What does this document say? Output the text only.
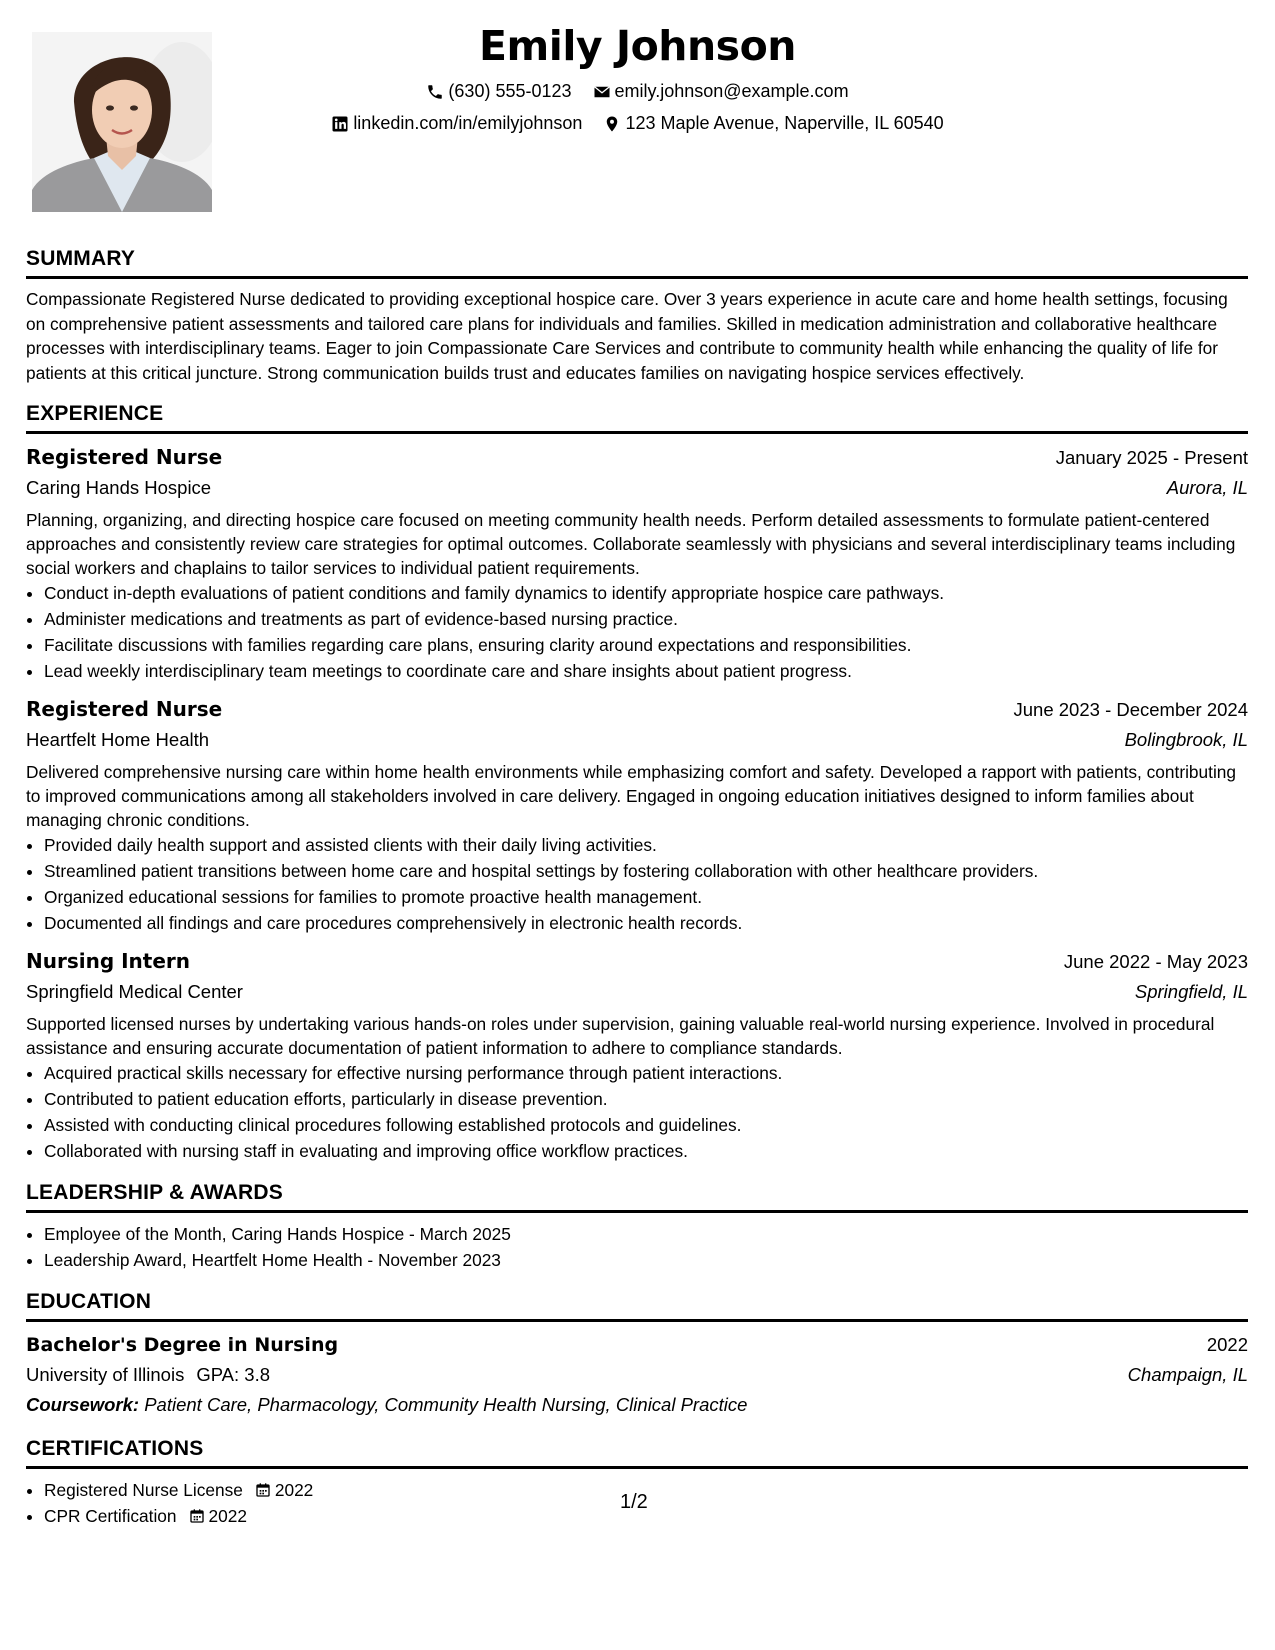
Emily Johnson
(630) 555-0123
emily.johnson@example.com
linkedin.com/in/emilyjohnson
123 Maple Avenue, Naperville, IL 60540
SUMMARY

Compassionate Registered Nurse dedicated to providing exceptional hospice care. Over 3 years experience in acute care and home health settings, focusing on comprehensive patient assessments and tailored care plans for individuals and families. Skilled in medication administration and collaborative healthcare processes with interdisciplinary teams. Eager to join Compassionate Care Services and contribute to community health while enhancing the quality of life for patients at this critical juncture. Strong communication builds trust and educates families on navigating hospice services effectively.

EXPERIENCE
Registered Nurse	January 2025 - Present
Caring Hands Hospice	Aurora, IL
Planning, organizing, and directing hospice care focused on meeting community health needs. Perform detailed assessments to formulate patient-centered approaches and consistently review care strategies for optimal outcomes. Collaborate seamlessly with physicians and several interdisciplinary teams including social workers and chaplains to tailor services to individual patient requirements.
• Conduct in-depth evaluations of patient conditions and family dynamics to identify appropriate hospice care pathways.
• Administer medications and treatments as part of evidence-based nursing practice.
• Facilitate discussions with families regarding care plans, ensuring clarity around expectations and responsibilities.
• Lead weekly interdisciplinary team meetings to coordinate care and share insights about patient progress.
Registered Nurse	June 2023 - December 2024
Heartfelt Home Health	Bolingbrook, IL
Delivered comprehensive nursing care within home health environments while emphasizing comfort and safety. Developed a rapport with patients, contributing to improved communications among all stakeholders involved in care delivery. Engaged in ongoing education initiatives designed to inform families about managing chronic conditions.
• Provided daily health support and assisted clients with their daily living activities.
• Streamlined patient transitions between home care and hospital settings by fostering collaboration with other healthcare providers.
• Organized educational sessions for families to promote proactive health management.
• Documented all findings and care procedures comprehensively in electronic health records.
Nursing Intern	June 2022 - May 2023
Springfield Medical Center	Springfield, IL
Supported licensed nurses by undertaking various hands-on roles under supervision, gaining valuable real-world nursing experience. Involved in procedural assistance and ensuring accurate documentation of patient information to adhere to compliance standards.
• Acquired practical skills necessary for effective nursing performance through patient interactions.
• Contributed to patient education efforts, particularly in disease prevention.
• Assisted with conducting clinical procedures following established protocols and guidelines.
• Collaborated with nursing staff in evaluating and improving office workflow practices.
LEADERSHIP & AWARDS
• Employee of the Month, Caring Hands Hospice - March 2025
• Leadership Award, Heartfelt Home Health - November 2023
EDUCATION
Bachelor's Degree in Nursing	2022
University of Illinois GPA: 3.8	Champaign, IL
Coursework: Patient Care, Pharmacology, Community Health Nursing, Clinical Practice
CERTIFICATIONS
• Registered Nurse License 2022
• CPR Certification 2022
1/2
